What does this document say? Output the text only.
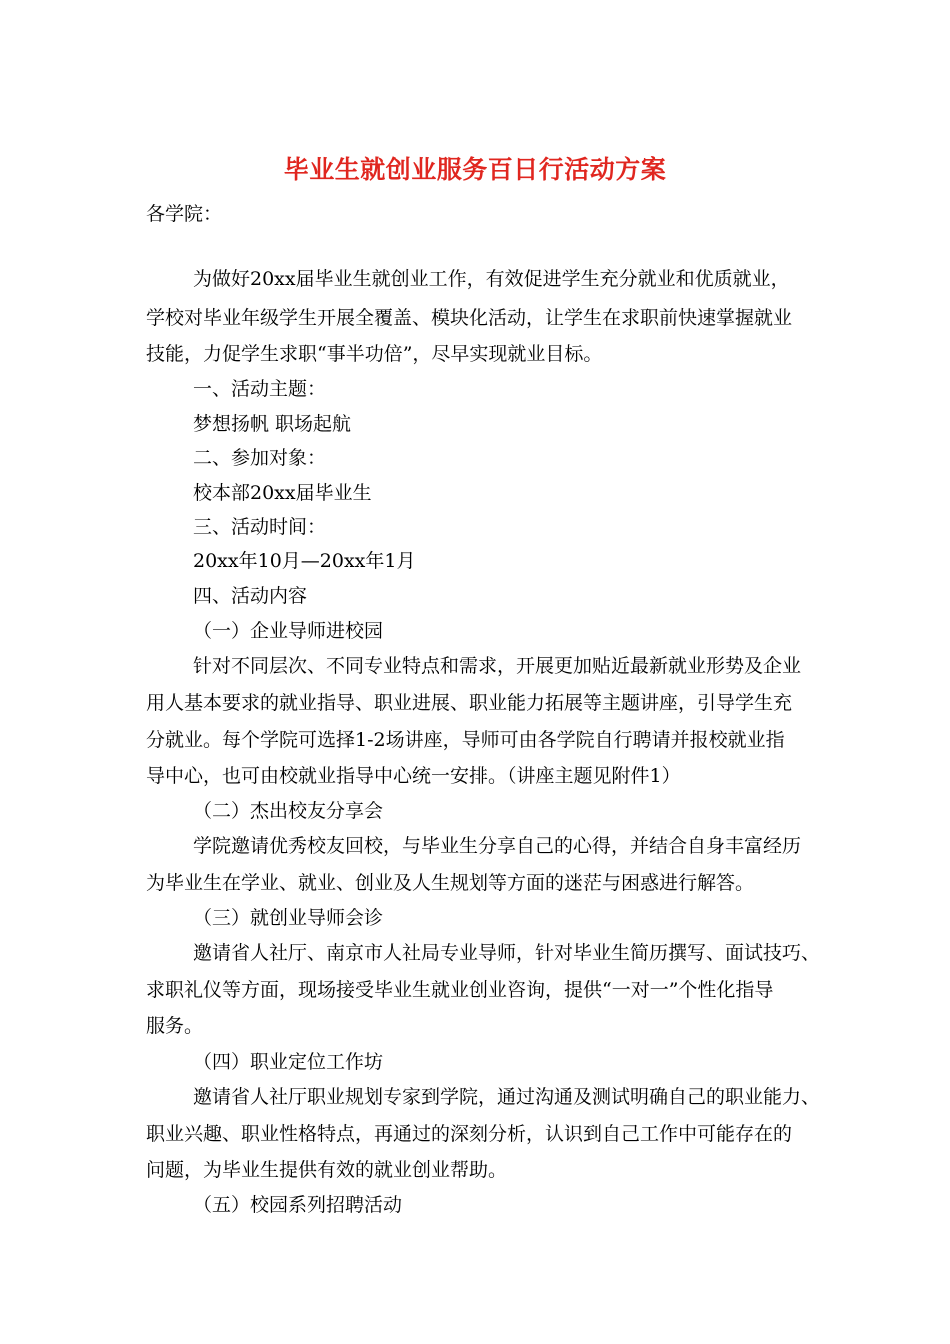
毕业生就创业服务百日行活动方案
各学院：
为做好20xx届毕业生就创业工作，有效促进学生充分就业和优质就业，
学校对毕业年级学生开展全覆盖、模块化活动，让学生在求职前快速掌握就业
技能，力促学生求职“事半功倍”，尽早实现就业目标。
一、活动主题：
梦想扬帆 职场起航
二、参加对象：
校本部20xx届毕业生
三、活动时间：
20xx年10月—20xx年1月
四、活动内容
（一）企业导师进校园
针对不同层次、不同专业特点和需求，开展更加贴近最新就业形势及企业
用人基本要求的就业指导、职业进展、职业能力拓展等主题讲座，引导学生充
分就业。每个学院可选择1-2场讲座，导师可由各学院自行聘请并报校就业指
导中心，也可由校就业指导中心统一安排。（讲座主题见附件1）
（二）杰出校友分享会
学院邀请优秀校友回校，与毕业生分享自己的心得，并结合自身丰富经历
为毕业生在学业、就业、创业及人生规划等方面的迷茫与困惑进行解答。
（三）就创业导师会诊
邀请省人社厅、南京市人社局专业导师，针对毕业生简历撰写、面试技巧、
求职礼仪等方面，现场接受毕业生就业创业咨询，提供“一对一”个性化指导
服务。
（四）职业定位工作坊
邀请省人社厅职业规划专家到学院，通过沟通及测试明确自己的职业能力、
职业兴趣、职业性格特点，再通过的深刻分析，认识到自己工作中可能存在的
问题，为毕业生提供有效的就业创业帮助。
（五）校园系列招聘活动
